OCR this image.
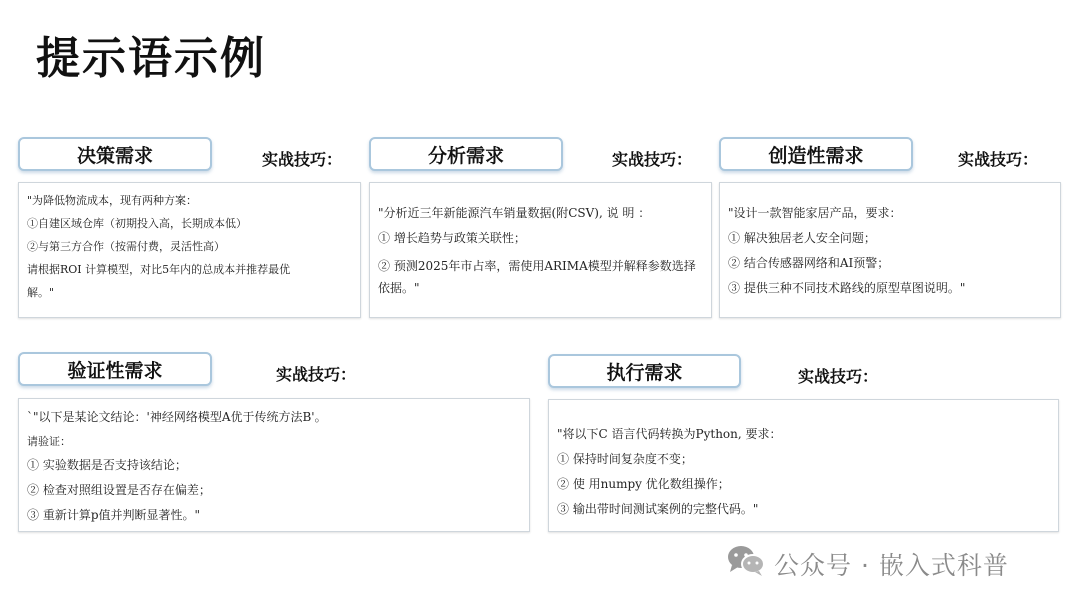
提示语示例
决策需求	实战技巧：
"为降低物流成本，现有两种方案：
①自建区域仓库（初期投入高，长期成本低）
②与第三方合作（按需付费，灵活性高）
请根据ROI 计算模型，对比5年内的总成本并推荐最优
解。"
分析需求	实战技巧：
"分析近三年新能源汽车销量数据(附CSV), 说 明 ：
① 增长趋势与政策关联性；
② 预测2025年市占率，需使用ARIMA模型并解释参数选择依据。"
创造性需求	实战技巧：
"设计一款智能家居产品，要求：
① 解决独居老人安全问题；
② 结合传感器网络和AI预警；
③ 提供三种不同技术路线的原型草图说明。"
验证性需求	实战技巧：
`"以下是某论文结论：'神经网络模型A优于传统方法B'。
请验证：
① 实验数据是否支持该结论；
② 检查对照组设置是否存在偏差；
③ 重新计算p值并判断显著性。"
执行需求	实战技巧：
"将以下C 语言代码转换为Python, 要求：
① 保持时间复杂度不变；
② 使 用numpy 优化数组操作；
③ 输出带时间测试案例的完整代码。"
公众号 · 嵌入式科普
